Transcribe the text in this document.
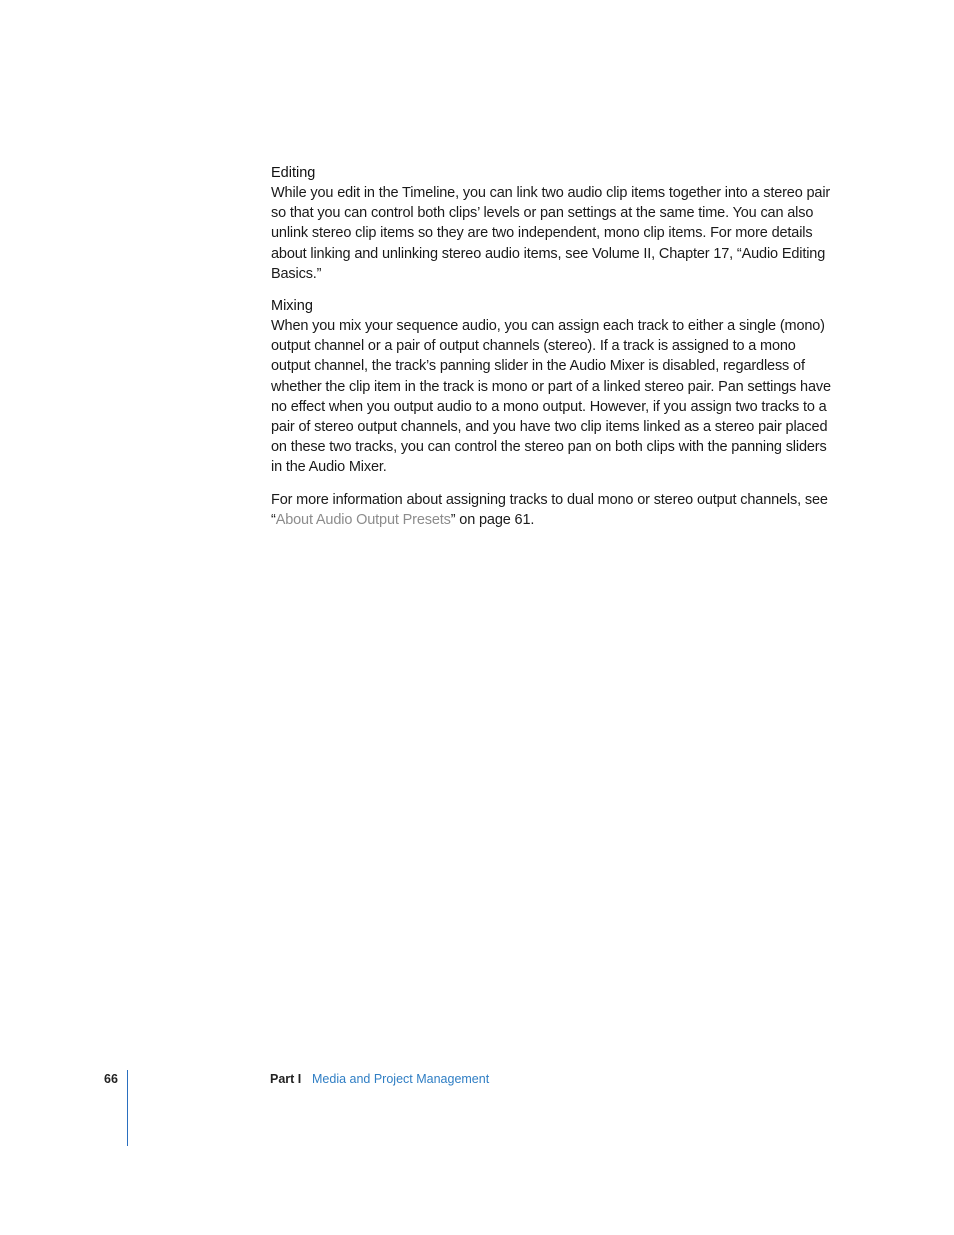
Editing

While you edit in the Timeline, you can link two audio clip items together into a stereo pair so that you can control both clips’ levels or pan settings at the same time. You can also unlink stereo clip items so they are two independent, mono clip items. For more details about linking and unlinking stereo audio items, see Volume II, Chapter 17, “Audio Editing Basics.”

Mixing

When you mix your sequence audio, you can assign each track to either a single (mono) output channel or a pair of output channels (stereo). If a track is assigned to a mono output channel, the track’s panning slider in the Audio Mixer is disabled, regardless of whether the clip item in the track is mono or part of a linked stereo pair. Pan settings have no effect when you output audio to a mono output. However, if you assign two tracks to a pair of stereo output channels, and you have two clip items linked as a stereo pair placed on these two tracks, you can control the stereo pan on both clips with the panning sliders in the Audio Mixer.

For more information about assigning tracks to dual mono or stereo output channels, see “About Audio Output Presets” on page 61.

66	Part I Media and Project Management
